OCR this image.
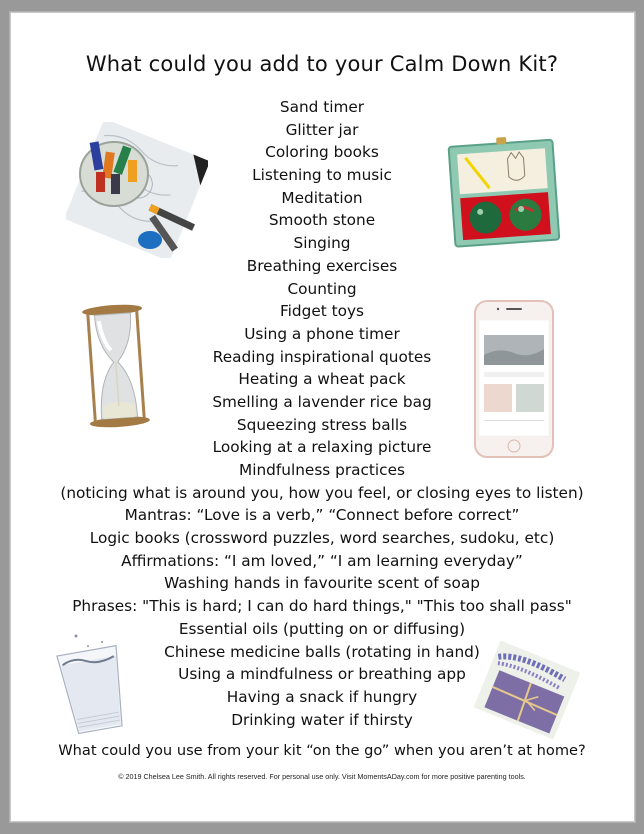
What could you add to your Calm Down Kit?
Sand timer
Glitter jar
Coloring books
Listening to music
Meditation
Smooth stone
Singing
Breathing exercises
Counting
Fidget toys
Using a phone timer
Reading inspirational quotes
Heating a wheat pack
Smelling a lavender rice bag
Squeezing stress balls
Looking at a relaxing picture
Mindfulness practices
(noticing what is around you, how you feel, or closing eyes to listen)
Mantras: “Love is a verb,” “Connect before correct”
Logic books (crossword puzzles, word searches, sudoku, etc)
Affirmations: “I am loved,” “I am learning everyday”
Washing hands in favourite scent of soap
Phrases: "This is hard; I can do hard things," "This too shall pass"
Essential oils (putting on or diffusing)
Chinese medicine balls (rotating in hand)
Using a mindfulness or breathing app
Having a snack if hungry
Drinking water if thirsty
What could you use from your kit “on the go” when you aren’t at home?
© 2019 Chelsea Lee Smith. All rights reserved. For personal use only. Visit MomentsADay.com for more positive parenting tools.
